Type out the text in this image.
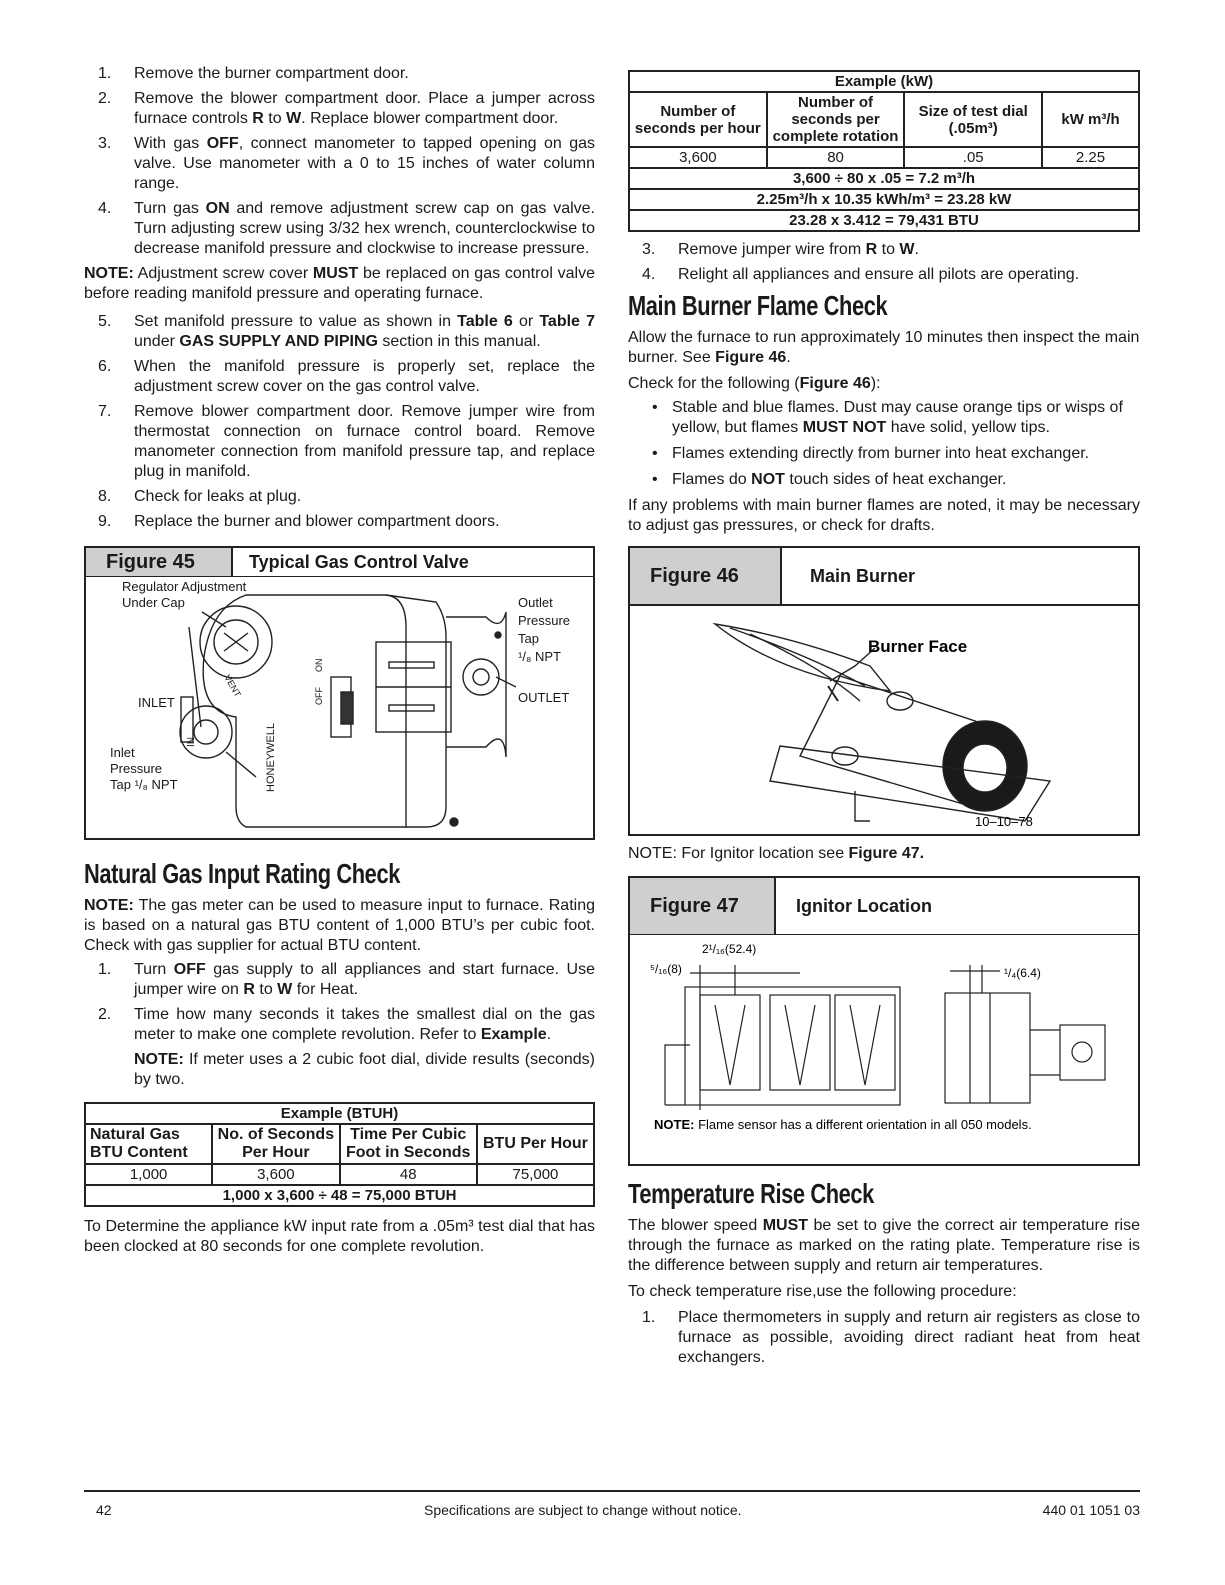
1. Remove the burner compartment door.
2. Remove the blower compartment door. Place a jumper across furnace controls R to W. Replace blower compartment door.
3. With gas OFF, connect manometer to tapped opening on gas valve. Use manometer with a 0 to 15 inches of water column range.
4. Turn gas ON and remove adjustment screw cap on gas valve. Turn adjusting screw using 3/32 hex wrench, counterclockwise to decrease manifold pressure and clockwise to increase pressure.

NOTE: Adjustment screw cover MUST be replaced on gas control valve before reading manifold pressure and operating furnace.

5. Set manifold pressure to value as shown in Table 6 or Table 7 under GAS SUPPLY AND PIPING section in this manual.
6. When the manifold pressure is properly set, replace the adjustment screw cover on the gas control valve.
7. Remove blower compartment door. Remove jumper wire from thermostat connection on furnace control board. Remove manometer connection from manifold pressure tap, and replace plug in manifold.
8. Check for leaks at plug.
9. Replace the burner and blower compartment doors.
Figure 45	Typical Gas Control Valve
Regulator Adjustment
Under Cap
INLET
Inlet
Pressure
Tap ¹/₈ NPT
Outlet
Pressure
Tap
¹/₈ NPT
OUTLET
HONEYWELL
ON
OFF
VENT
IN
Natural Gas Input Rating Check

NOTE: The gas meter can be used to measure input to furnace. Rating is based on a natural gas BTU content of 1,000 BTU’s per cubic foot. Check with gas supplier for actual BTU content.

1. Turn OFF gas supply to all appliances and start furnace. Use jumper wire on R to W for Heat.
2. Time how many seconds it takes the smallest dial on the gas meter to make one complete revolution. Refer to Example.

NOTE: If meter uses a 2 cubic foot dial, divide results (seconds) by two.

Example (BTUH)			
Natural Gas BTU Content	No. of Seconds Per Hour	Time Per Cubic Foot in Seconds	BTU Per Hour
1,000	3,600	48	75,000
1,000 x 3,600 ÷ 48 = 75,000 BTUH			

To Determine the appliance kW input rate from a .05m³ test dial that has been clocked at 80 seconds for one complete revolution.

Example (kW)			
Number of seconds per hour	Number of seconds per complete rotation	Size of test dial (.05m³)	kW m³/h
3,600	80	.05	2.25
3,600 ÷ 80 x .05 = 7.2 m³/h			
2.25m³/h x 10.35 kWh/m³ = 23.28 kW			
23.28 x 3.412 = 79,431 BTU			
3. Remove jumper wire from R to W.
4. Relight all appliances and ensure all pilots are operating.
Main Burner Flame Check

Allow the furnace to run approximately 10 minutes then inspect the main burner. See Figure 46.

Check for the following (Figure 46):

• Stable and blue flames. Dust may cause orange tips or wisps of yellow, but flames MUST NOT have solid, yellow tips.
• Flames extending directly from burner into heat exchanger.
• Flames do NOT touch sides of heat exchanger.

If any problems with main burner flames are noted, it may be necessary to adjust gas pressures, or check for drafts.

Figure 46	Main Burner
Burner Face
10–10–78

NOTE: For Ignitor location see Figure 47.

Figure 47	Ignitor Location
2¹/₁₆(52.4)
⁵/₁₆(8)	¹/₄(6.4)
NOTE: Flame sensor has a different orientation in all 050 models.
Temperature Rise Check

The blower speed MUST be set to give the correct air temperature rise through the furnace as marked on the rating plate. Temperature rise is the difference between supply and return air temperatures.

To check temperature rise,use the following procedure:

1. Place thermometers in supply and return air registers as close to furnace as possible, avoiding direct radiant heat from heat exchangers.
42	Specifications are subject to change without notice.	440 01 1051 03
